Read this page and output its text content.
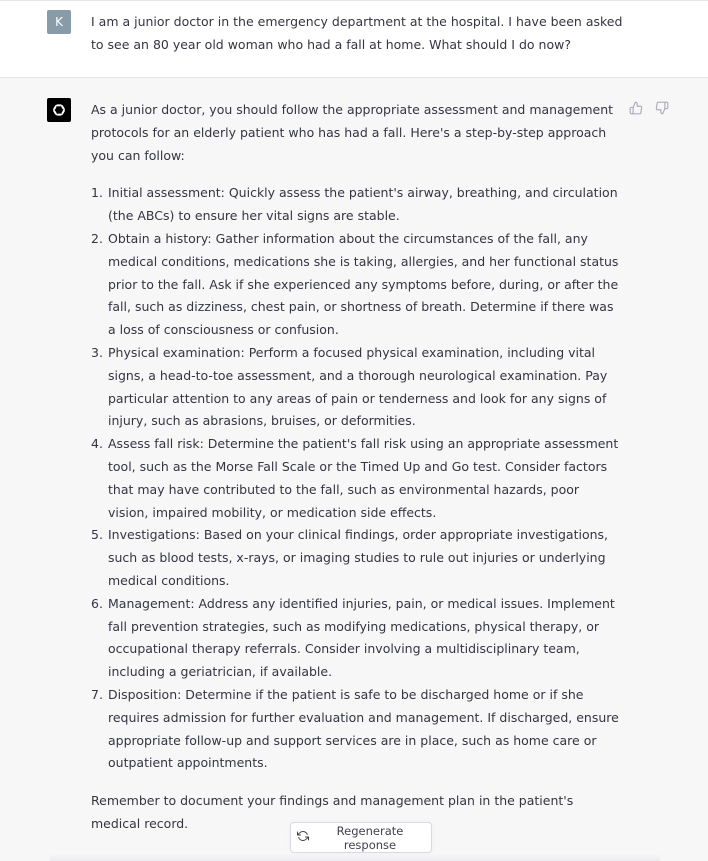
K	I am a junior doctor in the emergency department at the hospital. I have been asked to see an 80 year old woman who had a fall at home. What should I do now?

As a junior doctor, you should follow the appropriate assessment and management protocols for an elderly patient who has had a fall. Here's a step-by-step approach you can follow:

1. Initial assessment: Quickly assess the patient's airway, breathing, and circulation (the ABCs) to ensure her vital signs are stable.
2. Obtain a history: Gather information about the circumstances of the fall, any medical conditions, medications she is taking, allergies, and her functional status prior to the fall. Ask if she experienced any symptoms before, during, or after the fall, such as dizziness, chest pain, or shortness of breath. Determine if there was a loss of consciousness or confusion.
3. Physical examination: Perform a focused physical examination, including vital signs, a head-to-toe assessment, and a thorough neurological examination. Pay particular attention to any areas of pain or tenderness and look for any signs of injury, such as abrasions, bruises, or deformities.
4. Assess fall risk: Determine the patient's fall risk using an appropriate assessment tool, such as the Morse Fall Scale or the Timed Up and Go test. Consider factors that may have contributed to the fall, such as environmental hazards, poor vision, impaired mobility, or medication side effects.
5. Investigations: Based on your clinical findings, order appropriate investigations, such as blood tests, x-rays, or imaging studies to rule out injuries or underlying medical conditions.
6. Management: Address any identified injuries, pain, or medical issues. Implement fall prevention strategies, such as modifying medications, physical therapy, or occupational therapy referrals. Consider involving a multidisciplinary team, including a geriatrician, if available.
7. Disposition: Determine if the patient is safe to be discharged home or if she requires admission for further evaluation and management. If discharged, ensure appropriate follow-up and support services are in place, such as home care or outpatient appointments.

Remember to document your findings and management plan in the patient's medical record.	Regenerate response
